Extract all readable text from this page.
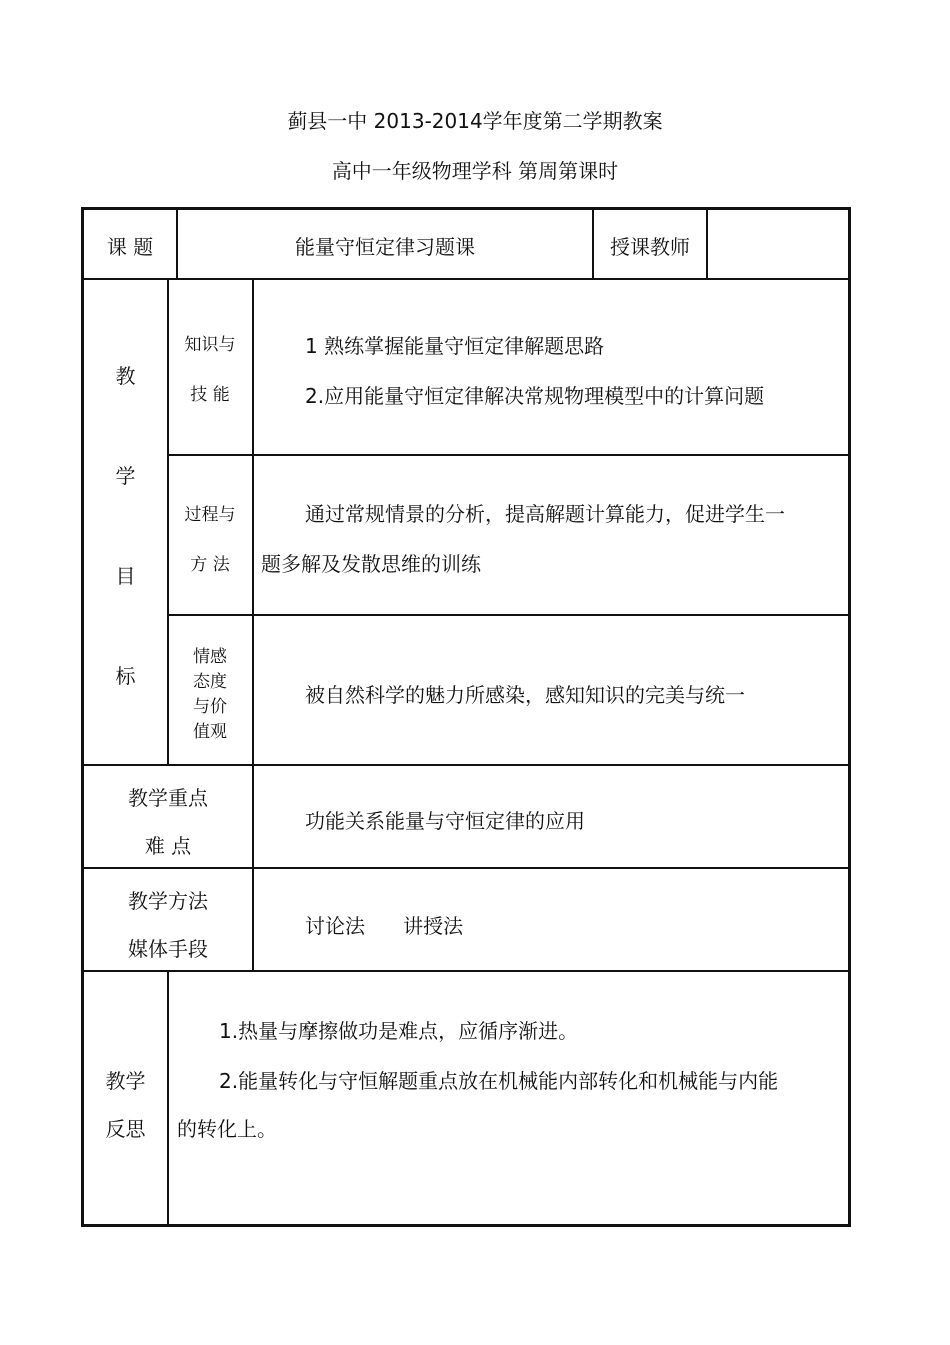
蓟县一中 2013-2014学年度第二学期教案
高中一年级物理学科 第周第课时
课 题	能量守恒定律习题课	授课教师
教
学
目
标
知识与
技 能
1 熟练掌握能量守恒定律解题思路
2.应用能量守恒定律解决常规物理模型中的计算问题
过程与
方 法
通过常规情景的分析，提高解题计算能力，促进学生一
题多解及发散思维的训练
情感
态度
与价
值观
被自然科学的魅力所感染，感知知识的完美与统一
教学重点
难 点
功能关系能量与守恒定律的应用
教学方法
媒体手段
讨论法      讲授法
教学
反思
1.热量与摩擦做功是难点，应循序渐进。
2.能量转化与守恒解题重点放在机械能内部转化和机械能与内能
的转化上。
